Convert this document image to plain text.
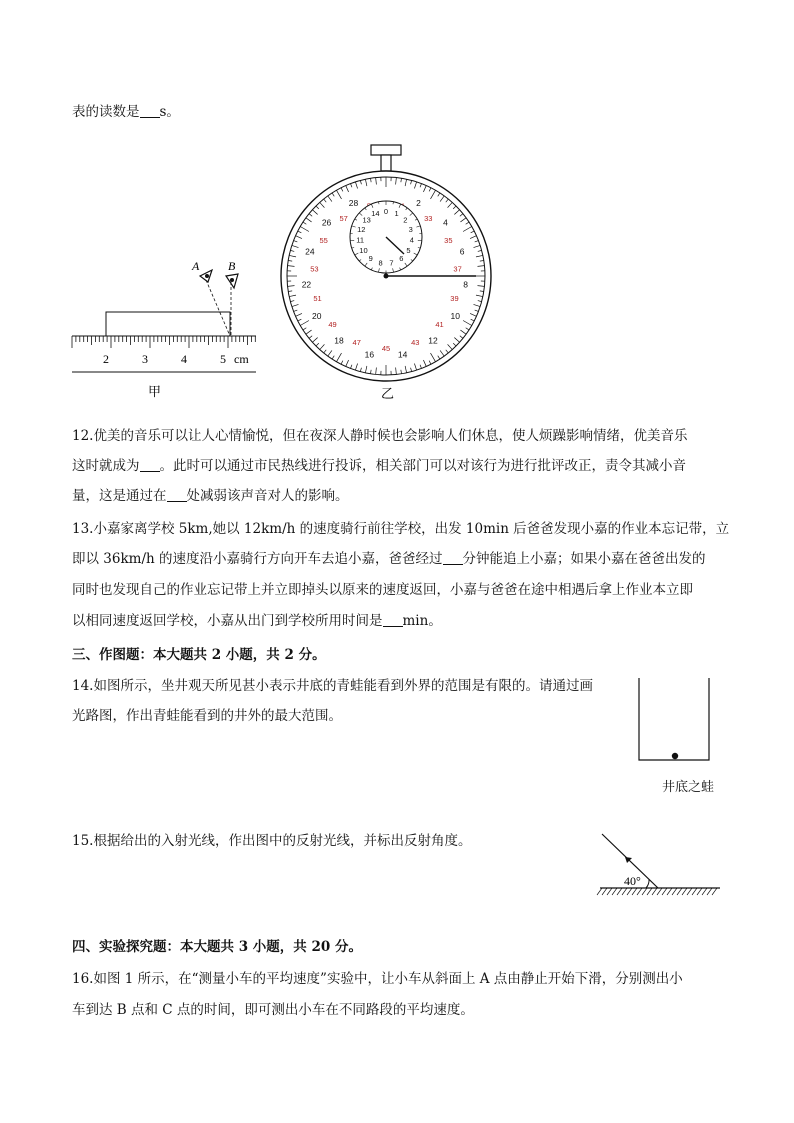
表的读数是 s。
A B
2	3	4	5 cm
甲
28
26
24
22
20
18
16	14
12
10
8
6
4
2
57	33
55	35
53	37
51	39
49	41
47
45
43
14 0 1
2
3
4
5
6
7
8
9
10
11
12
13
乙
12.优美的音乐可以让人心情愉悦，但在夜深人静时候也会影响人们休息，使人烦躁影响情绪，优美音乐
这时就成为 。此时可以通过市民热线进行投诉，相关部门可以对该行为进行批评改正，责令其减小音
量，这是通过在 处减弱该声音对人的影响。
13.小嘉家离学校 5km,她以 12km/h 的速度骑行前往学校，出发 10min 后爸爸发现小嘉的作业本忘记带，立
即以 36km/h 的速度沿小嘉骑行方向开车去追小嘉，爸爸经过 分钟能追上小嘉；如果小嘉在爸爸出发的
同时也发现自己的作业忘记带上并立即掉头以原来的速度返回，小嘉与爸爸在途中相遇后拿上作业本立即
以相同速度返回学校，小嘉从出门到学校所用时间是 min。
三、作图题：本大题共 2 小题，共 2 分。
14.如图所示，坐井观天所见甚小表示井底的青蛙能看到外界的范围是有限的。请通过画
光路图，作出青蛙能看到的井外的最大范围。
井底之蛙
15.根据给出的入射光线，作出图中的反射光线，并标出反射角度。
40°
四、实验探究题：本大题共 3 小题，共 20 分。
16.如图 1 所示，在“测量小车的平均速度”实验中，让小车从斜面上 A 点由静止开始下滑，分别测出小
车到达 B 点和 C 点的时间，即可测出小车在不同路段的平均速度。
